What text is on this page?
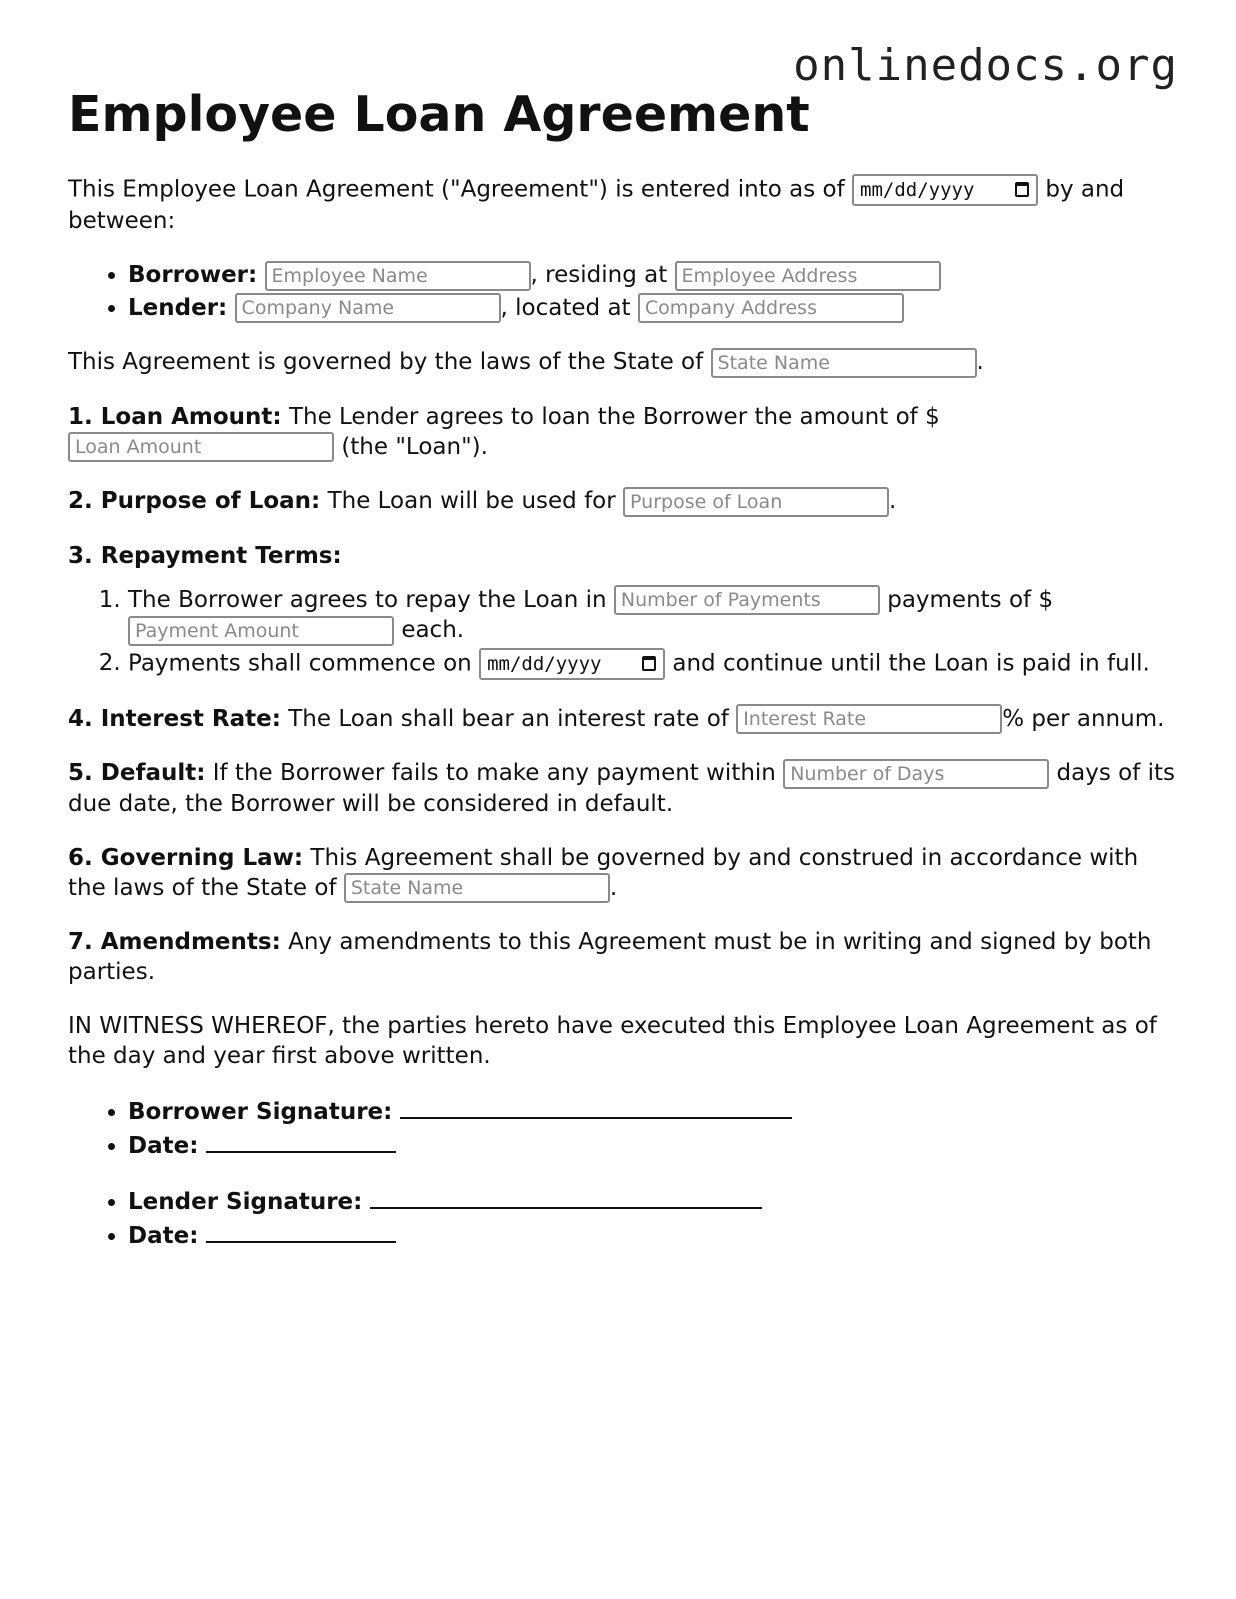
onlinedocs.org
Employee Loan Agreement

This Employee Loan Agreement ("Agreement") is entered into as of mm/dd/yyyy	by and between:

• Borrower: Employee Name	, residing at Employee Address
• Lender: Company Name	, located at Company Address

This Agreement is governed by the laws of the State of State Name	.

1. Loan Amount: The Lender agrees to loan the Borrower the amount of $ Loan Amount (the "Loan").

2. Purpose of Loan: The Loan will be used for Purpose of Loan	.

3. Repayment Terms:

1. The Borrower agrees to repay the Loan in Number of Payments	payments of $ Payment Amount each.
2. Payments shall commence on mm/dd/yyyy	and continue until the Loan is paid in full.

4. Interest Rate: The Loan shall bear an interest rate of Interest Rate	% per annum.

5. Default: If the Borrower fails to make any payment within Number of Days	days of its due date, the Borrower will be considered in default.

6. Governing Law: This Agreement shall be governed by and construed in accordance with the laws of the State of State Name	.

7. Amendments: Any amendments to this Agreement must be in writing and signed by both parties.

IN WITNESS WHEREOF, the parties hereto have executed this Employee Loan Agreement as of the day and year first above written.

• Borrower Signature:
• Date:
• Lender Signature:
• Date:
